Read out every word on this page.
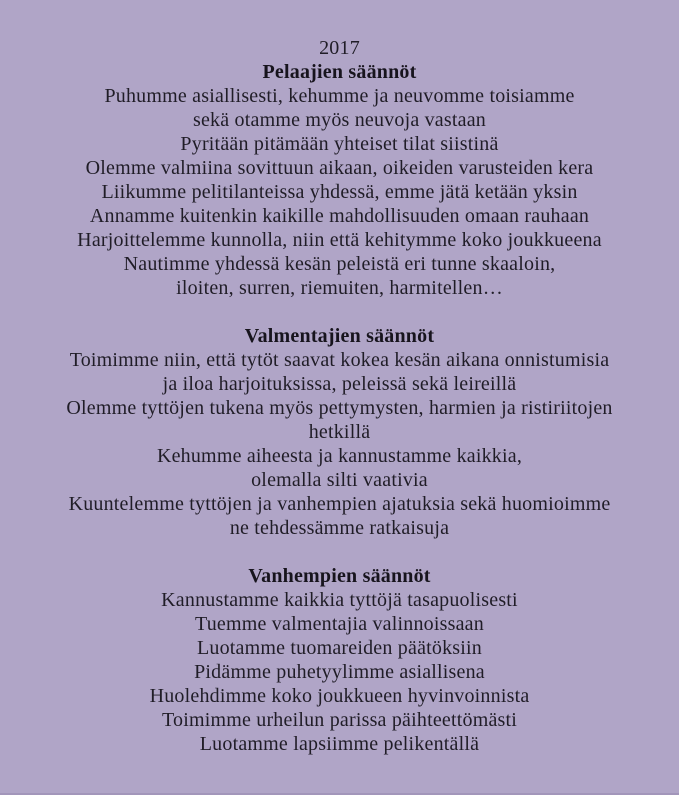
2017
Pelaajien säännöt
Puhumme asiallisesti, kehumme ja neuvomme toisiamme
sekä otamme myös neuvoja vastaan
Pyritään pitämään yhteiset tilat siistinä
Olemme valmiina sovittuun aikaan, oikeiden varusteiden kera
Liikumme pelitilanteissa yhdessä, emme jätä ketään yksin
Annamme kuitenkin kaikille mahdollisuuden omaan rauhaan
Harjoittelemme kunnolla, niin että kehitymme koko joukkueena
Nautimme yhdessä kesän peleistä eri tunne skaaloin,
iloiten, surren, riemuiten, harmitellen…
Valmentajien säännöt
Toimimme niin, että tytöt saavat kokea kesän aikana onnistumisia
ja iloa harjoituksissa, peleissä sekä leireillä
Olemme tyttöjen tukena myös pettymysten, harmien ja ristiriitojen
hetkillä
Kehumme aiheesta ja kannustamme kaikkia,
olemalla silti vaativia
Kuuntelemme tyttöjen ja vanhempien ajatuksia sekä huomioimme
ne tehdessämme ratkaisuja
Vanhempien säännöt
Kannustamme kaikkia tyttöjä tasapuolisesti
Tuemme valmentajia valinnoissaan
Luotamme tuomareiden päätöksiin
Pidämme puhetyylimme asiallisena
Huolehdimme koko joukkueen hyvinvoinnista
Toimimme urheilun parissa päihteettömästi
Luotamme lapsiimme pelikentällä
